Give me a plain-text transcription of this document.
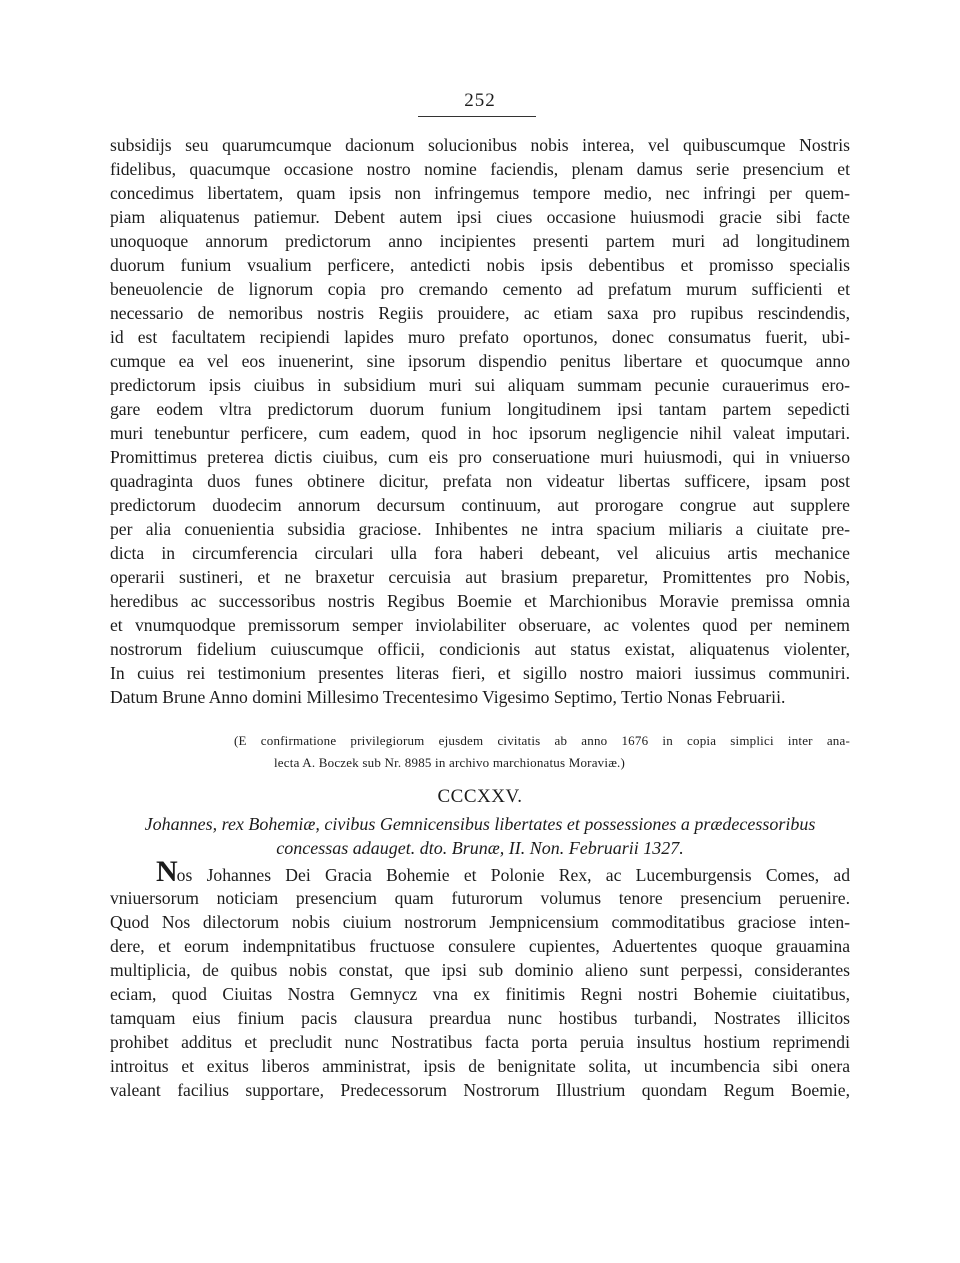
252
subsidijs seu quarumcumque dacionum solucionibus nobis interea, vel quibuscumque Nostris
fidelibus, quacumque occasione nostro nomine faciendis, plenam damus serie presencium et
concedimus libertatem, quam ipsis non infringemus tempore medio, nec infringi per quem-
piam aliquatenus patiemur. Debent autem ipsi ciues occasione huiusmodi gracie sibi facte
unoquoque annorum predictorum anno incipientes presenti partem muri ad longitudinem
duorum funium vsualium perficere, antedicti nobis ipsis debentibus et promisso specialis
beneuolencie de lignorum copia pro cremando cemento ad prefatum murum sufficienti et
necessario de nemoribus nostris Regiis prouidere, ac etiam saxa pro rupibus rescindendis,
id est facultatem recipiendi lapides muro prefato oportunos, donec consumatus fuerit, ubi-
cumque ea vel eos inuenerint, sine ipsorum dispendio penitus libertare et quocumque anno
predictorum ipsis ciuibus in subsidium muri sui aliquam summam pecunie curauerimus ero-
gare eodem vltra predictorum duorum funium longitudinem ipsi tantam partem sepedicti
muri tenebuntur perficere, cum eadem, quod in hoc ipsorum negligencie nihil valeat imputari.
Promittimus preterea dictis ciuibus, cum eis pro conseruatione muri huiusmodi, qui in vniuerso
quadraginta duos funes obtinere dicitur, prefata non videatur libertas sufficere, ipsam post
predictorum duodecim annorum decursum continuum, aut prorogare congrue aut supplere
per alia conuenientia subsidia graciose. Inhibentes ne intra spacium miliaris a ciuitate pre-
dicta in circumferencia circulari ulla fora haberi debeant, vel alicuius artis mechanice
operarii sustineri, et ne braxetur cercuisia aut brasium preparetur, Promittentes pro Nobis,
heredibus ac successoribus nostris Regibus Boemie et Marchionibus Moravie premissa omnia
et vnumquodque premissorum semper inviolabiliter obseruare, ac volentes quod per neminem
nostrorum fidelium cuiuscumque officii, condicionis aut status existat, aliquatenus violenter,
In cuius rei testimonium presentes literas fieri, et sigillo nostro maiori iussimus communiri.
Datum Brune Anno domini Millesimo Trecentesimo Vigesimo Septimo, Tertio Nonas Februarii.
(E confirmatione privilegiorum ejusdem civitatis ab anno 1676 in copia simplici inter ana-
lecta A. Boczek sub Nr. 8985 in archivo marchionatus Moraviæ.)
CCCXXV.
Johannes, rex Bohemiæ, civibus Gemnicensibus libertates et possessiones a prædecessoribus
concessas adauget. dto. Brunæ, II. Non. Februarii 1327.
Nos Johannes Dei Gracia Bohemie et Polonie Rex, ac Lucemburgensis Comes, ad
vniuersorum noticiam presencium quam futurorum volumus tenore presencium peruenire.
Quod Nos dilectorum nobis ciuium nostrorum Jempnicensium commoditatibus graciose inten-
dere, et eorum indempnitatibus fructuose consulere cupientes, Aduertentes quoque grauamina
multiplicia, de quibus nobis constat, que ipsi sub dominio alieno sunt perpessi, considerantes
eciam, quod Ciuitas Nostra Gemnycz vna ex finitimis Regni nostri Bohemie ciuitatibus,
tamquam eius finium pacis clausura preardua nunc hostibus turbandi, Nostrates illicitos
prohibet additus et precludit nunc Nostratibus facta porta peruia insultus hostium reprimendi
introitus et exitus liberos amministrat, ipsis de benignitate solita, ut incumbencia sibi onera
valeant facilius supportare, Predecessorum Nostrorum Illustrium quondam Regum Boemie,
